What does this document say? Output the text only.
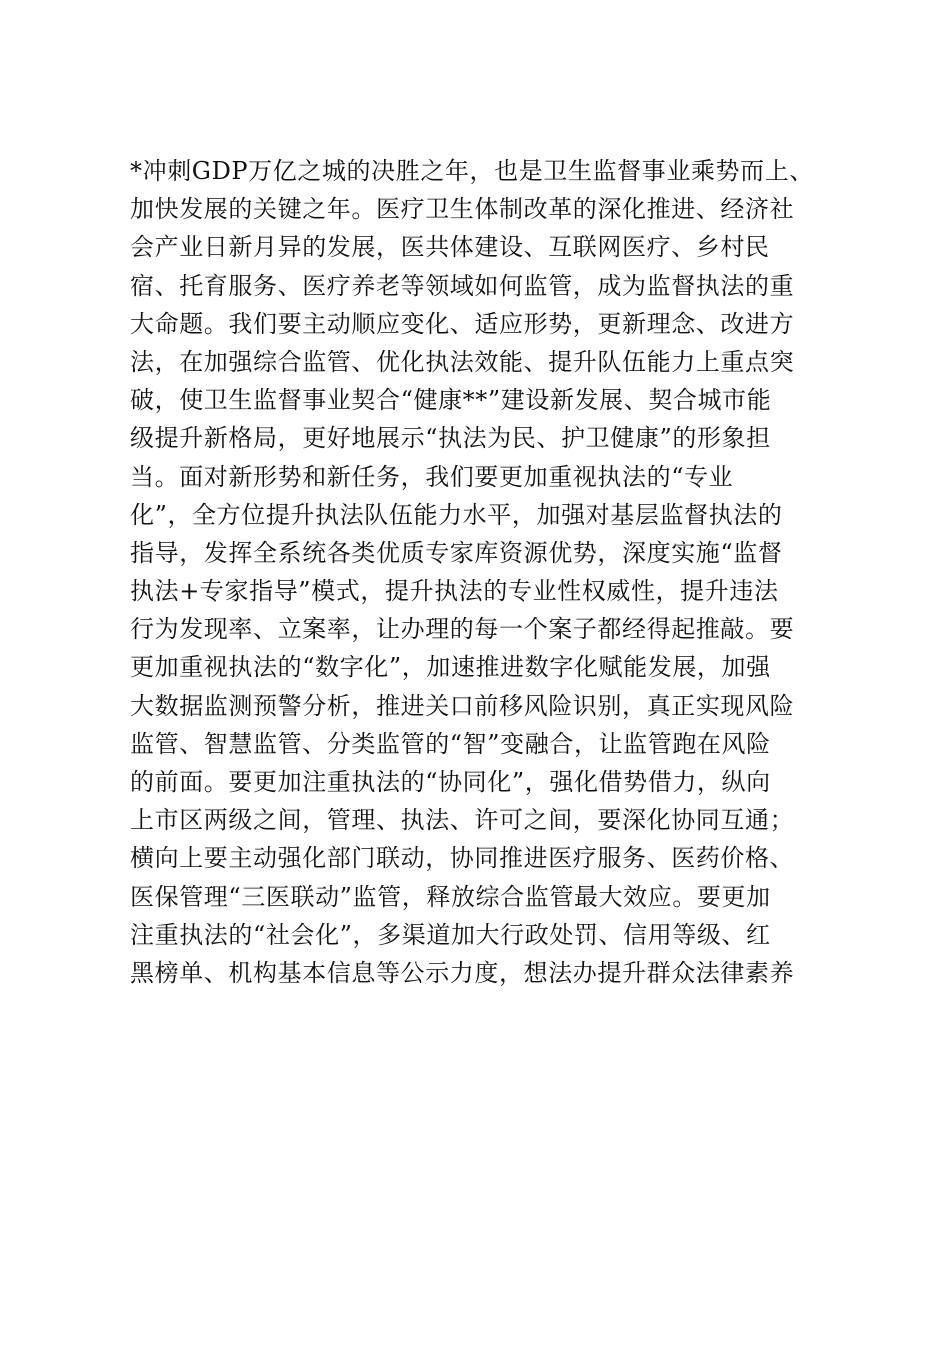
*冲刺GDP万亿之城的决胜之年，也是卫生监督事业乘势而上、
加快发展的关键之年。医疗卫生体制改革的深化推进、经济社
会产业日新月异的发展，医共体建设、互联网医疗、乡村民
宿、托育服务、医疗养老等领域如何监管，成为监督执法的重
大命题。我们要主动顺应变化、适应形势，更新理念、改进方
法，在加强综合监管、优化执法效能、提升队伍能力上重点突
破，使卫生监督事业契合“健康**”建设新发展、契合城市能
级提升新格局，更好地展示“执法为民、护卫健康”的形象担
当。面对新形势和新任务，我们要更加重视执法的“专业
化”，全方位提升执法队伍能力水平，加强对基层监督执法的
指导，发挥全系统各类优质专家库资源优势，深度实施“监督
执法+专家指导”模式，提升执法的专业性权威性，提升违法
行为发现率、立案率，让办理的每一个案子都经得起推敲。要
更加重视执法的“数字化”，加速推进数字化赋能发展，加强
大数据监测预警分析，推进关口前移风险识别，真正实现风险
监管、智慧监管、分类监管的“智”变融合，让监管跑在风险
的前面。要更加注重执法的“协同化”，强化借势借力，纵向
上市区两级之间，管理、执法、许可之间，要深化协同互通；
横向上要主动强化部门联动，协同推进医疗服务、医药价格、
医保管理“三医联动”监管，释放综合监管最大效应。要更加
注重执法的“社会化”，多渠道加大行政处罚、信用等级、红
黑榜单、机构基本信息等公示力度，想法办提升群众法律素养
